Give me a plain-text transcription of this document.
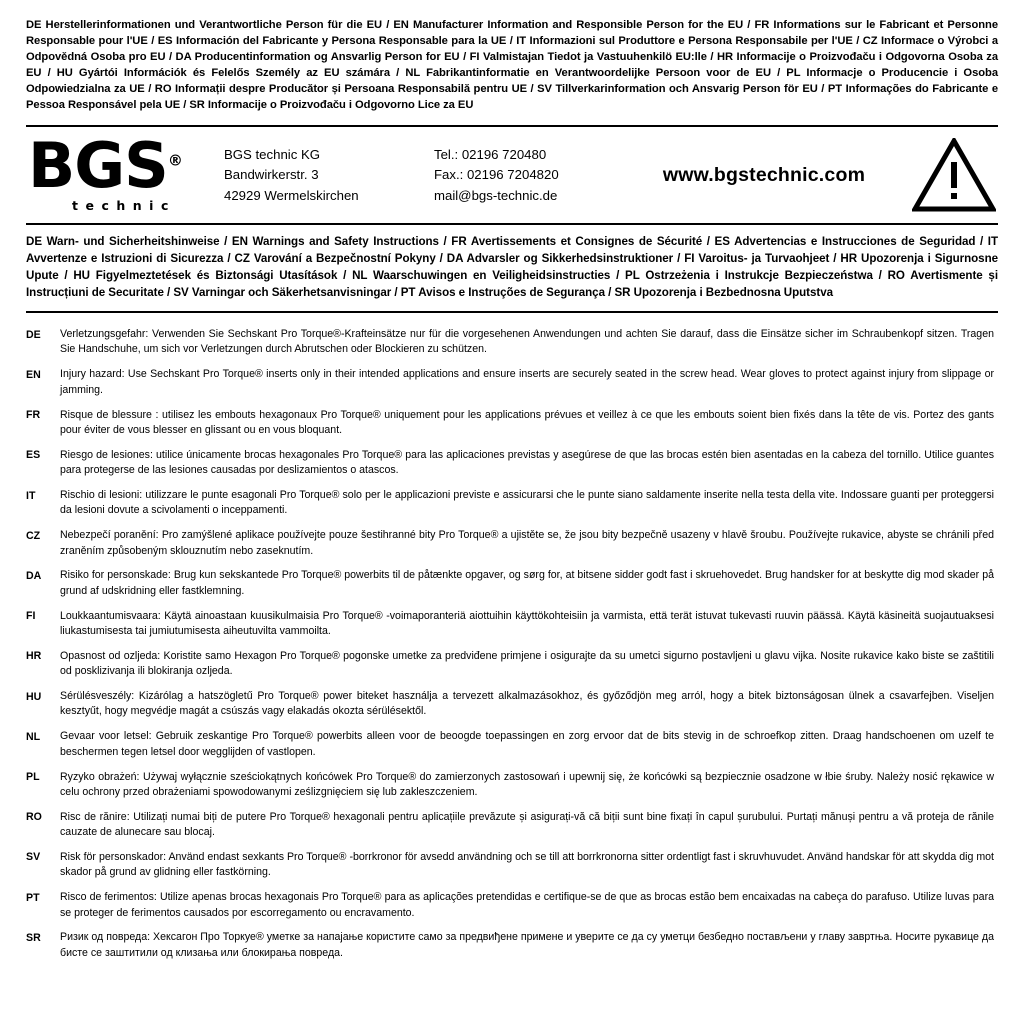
DE Herstellerinformationen und Verantwortliche Person für die EU / EN Manufacturer Information and Responsible Person for the EU / FR Informations sur le Fabricant et Personne Responsable pour l'UE / ES Información del Fabricante y Persona Responsable para la UE / IT Informazioni sul Produttore e Persona Responsabile per l'UE / CZ Informace o Výrobci a Odpovědná Osoba pro EU / DA Producentinformation og Ansvarlig Person for EU / FI Valmistajan Tiedot ja Vastuuhenkilö EU:lle / HR Informacije o Proizvođaču i Odgovorna Osoba za EU / HU Gyártói Információk és Felelős Személy az EU számára / NL Fabrikantinformatie en Verantwoordelijke Persoon voor de EU / PL Informacje o Producencie i Osoba Odpowiedzialna za UE / RO Informații despre Producător și Persoana Responsabilă pentru UE / SV Tillverkarinformation och Ansvarig Person för EU / PT Informações do Fabricante e Pessoa Responsável pela UE / SR Informacije o Proizvođaču i Odgovorno Lice za EU
BGS®
technic
BGS technic KG
Bandwirkerstr. 3
42929 Wermelskirchen
Tel.: 02196 720480
Fax.: 02196 7204820
mail@bgs-technic.de
www.bgstechnic.com
DE Warn- und Sicherheitshinweise / EN Warnings and Safety Instructions / FR Avertissements et Consignes de Sécurité / ES Advertencias e Instrucciones de Seguridad / IT Avvertenze e Istruzioni di Sicurezza / CZ Varování a Bezpečnostní Pokyny / DA Advarsler og Sikkerhedsinstruktioner / FI Varoitus- ja Turvaohjeet / HR Upozorenja i Sigurnosne Upute / HU Figyelmeztetések és Biztonsági Utasítások / NL Waarschuwingen en Veiligheidsinstructies / PL Ostrzeżenia i Instrukcje Bezpieczeństwa / RO Avertismente și Instrucțiuni de Securitate / SV Varningar och Säkerhetsanvisningar / PT Avisos e Instruções de Segurança / SR Upozorenja i Bezbednosna Uputstva
DE	Verletzungsgefahr: Verwenden Sie Sechskant Pro Torque®-Krafteinsätze nur für die vorgesehenen Anwendungen und achten Sie darauf, dass die Einsätze sicher im Schraubenkopf sitzen. Tragen Sie Handschuhe, um sich vor Verletzungen durch Abrutschen oder Blockieren zu schützen.
EN	Injury hazard: Use Sechskant Pro Torque® inserts only in their intended applications and ensure inserts are securely seated in the screw head. Wear gloves to protect against injury from slippage or jamming.
FR	Risque de blessure : utilisez les embouts hexagonaux Pro Torque® uniquement pour les applications prévues et veillez à ce que les embouts soient bien fixés dans la tête de vis. Portez des gants pour éviter de vous blesser en glissant ou en vous bloquant.
ES	Riesgo de lesiones: utilice únicamente brocas hexagonales Pro Torque® para las aplicaciones previstas y asegúrese de que las brocas estén bien asentadas en la cabeza del tornillo. Utilice guantes para protegerse de las lesiones causadas por deslizamientos o atascos.
IT	Rischio di lesioni: utilizzare le punte esagonali Pro Torque® solo per le applicazioni previste e assicurarsi che le punte siano saldamente inserite nella testa della vite. Indossare guanti per proteggersi da lesioni dovute a scivolamenti o inceppamenti.
CZ	Nebezpečí poranění: Pro zamýšlené aplikace používejte pouze šestihranné bity Pro Torque® a ujistěte se, že jsou bity bezpečně usazeny v hlavě šroubu. Používejte rukavice, abyste se chránili před zraněním způsobeným sklouznutím nebo zaseknutím.
DA	Risiko for personskade: Brug kun sekskantede Pro Torque® powerbits til de påtænkte opgaver, og sørg for, at bitsene sidder godt fast i skruehovedet. Brug handsker for at beskytte dig mod skader på grund af udskridning eller fastklemning.
FI	Loukkaantumisvaara: Käytä ainoastaan kuusikulmaisia Pro Torque® -voimaporanteriä aiottuihin käyttökohteisiin ja varmista, että terät istuvat tukevasti ruuvin päässä. Käytä käsineitä suojautuaksesi liukastumisesta tai jumiutumisesta aiheutuvilta vammoilta.
HR	Opasnost od ozljeda: Koristite samo Hexagon Pro Torque® pogonske umetke za predviđene primjene i osigurajte da su umetci sigurno postavljeni u glavu vijka. Nosite rukavice kako biste se zaštitili od posklizivanja ili blokiranja ozljeda.
HU	Sérülésveszély: Kizárólag a hatszögletű Pro Torque® power biteket használja a tervezett alkalmazásokhoz, és győződjön meg arról, hogy a bitek biztonságosan ülnek a csavarfejben. Viseljen kesztyűt, hogy megvédje magát a csúszás vagy elakadás okozta sérülésektől.
NL	Gevaar voor letsel: Gebruik zeskantige Pro Torque® powerbits alleen voor de beoogde toepassingen en zorg ervoor dat de bits stevig in de schroefkop zitten. Draag handschoenen om uzelf te beschermen tegen letsel door wegglijden of vastlopen.
PL	Ryzyko obrażeń: Używaj wyłącznie sześciokątnych końcówek Pro Torque® do zamierzonych zastosowań i upewnij się, że końcówki są bezpiecznie osadzone w łbie śruby. Należy nosić rękawice w celu ochrony przed obrażeniami spowodowanymi ześlizgnięciem się lub zakleszczeniem.
RO	Risc de rănire: Utilizați numai biți de putere Pro Torque® hexagonali pentru aplicațiile prevăzute și asigurați-vă că biții sunt bine fixați în capul șurubului. Purtați mănuși pentru a vă proteja de rănile cauzate de alunecare sau blocaj.
SV	Risk för personskador: Använd endast sexkants Pro Torque® -borrkronor för avsedd användning och se till att borrkronorna sitter ordentligt fast i skruvhuvudet. Använd handskar för att skydda dig mot skador på grund av glidning eller fastkörning.
PT	Risco de ferimentos: Utilize apenas brocas hexagonais Pro Torque® para as aplicações pretendidas e certifique-se de que as brocas estão bem encaixadas na cabeça do parafuso. Utilize luvas para se proteger de ferimentos causados por escorregamento ou encravamento.
SR	Ризик од повреда: Хексагон Про Торкуе® уметке за напајање користите само за предвиђене примене и уверите се да су уметци безбедно постављени у главу завртња. Носите рукавице да бисте се заштитили од клизања или блокирања повреда.
